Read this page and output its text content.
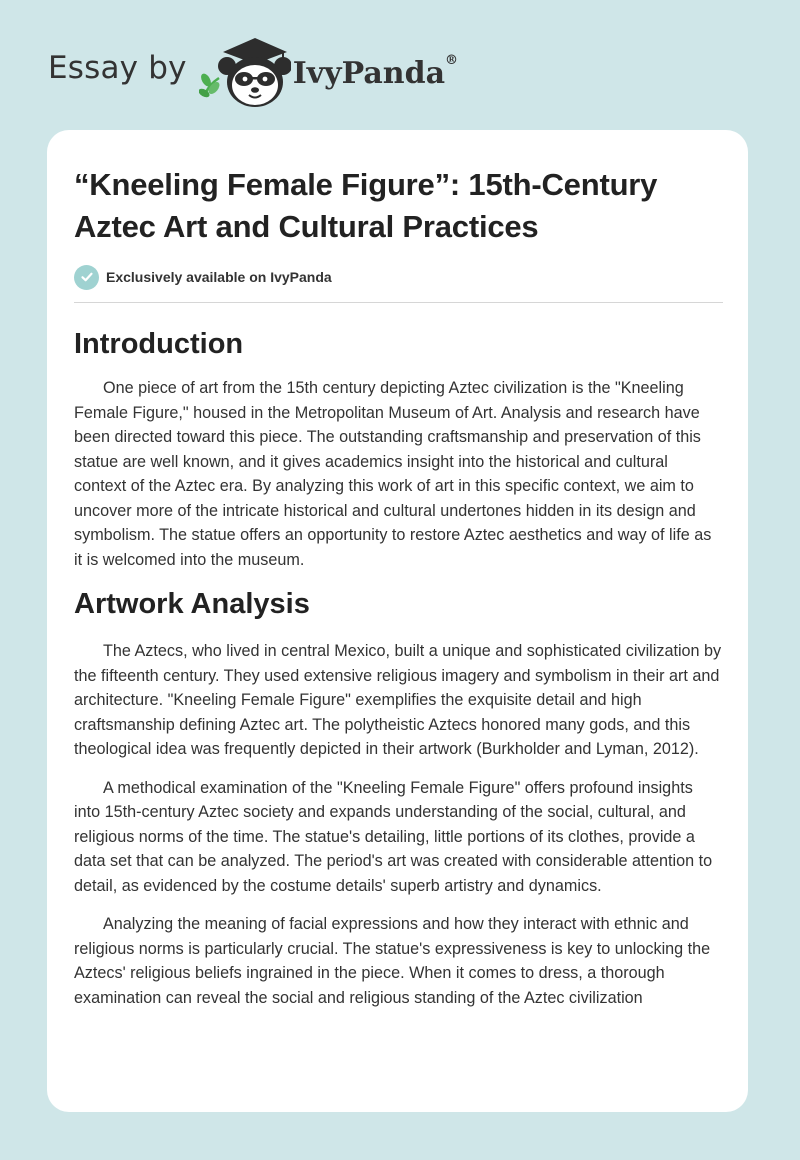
Essay by	IvyPanda®
“Kneeling Female Figure”: 15th-Century Aztec Art and Cultural Practices
Exclusively available on IvyPanda
Introduction

One piece of art from the 15th century depicting Aztec civilization is the "Kneeling Female Figure," housed in the Metropolitan Museum of Art. Analysis and research have been directed toward this piece. The outstanding craftsmanship and preservation of this statue are well known, and it gives academics insight into the historical and cultural context of the Aztec era. By analyzing this work of art in this specific context, we aim to uncover more of the intricate historical and cultural undertones hidden in its design and symbolism. The statue offers an opportunity to restore Aztec aesthetics and way of life as it is welcomed into the museum.

Artwork Analysis

The Aztecs, who lived in central Mexico, built a unique and sophisticated civilization by the fifteenth century. They used extensive religious imagery and symbolism in their art and architecture. "Kneeling Female Figure" exemplifies the exquisite detail and high craftsmanship defining Aztec art. The polytheistic Aztecs honored many gods, and this theological idea was frequently depicted in their artwork (Burkholder and Lyman, 2012).

A methodical examination of the "Kneeling Female Figure" offers profound insights into 15th-century Aztec society and expands understanding of the social, cultural, and religious norms of the time. The statue's detailing, little portions of its clothes, provide a data set that can be analyzed. The period's art was created with considerable attention to detail, as evidenced by the costume details' superb artistry and dynamics.

Analyzing the meaning of facial expressions and how they interact with ethnic and religious norms is particularly crucial. The statue's expressiveness is key to unlocking the Aztecs' religious beliefs ingrained in the piece. When it comes to dress, a thorough examination can reveal the social and religious standing of the Aztec civilization
